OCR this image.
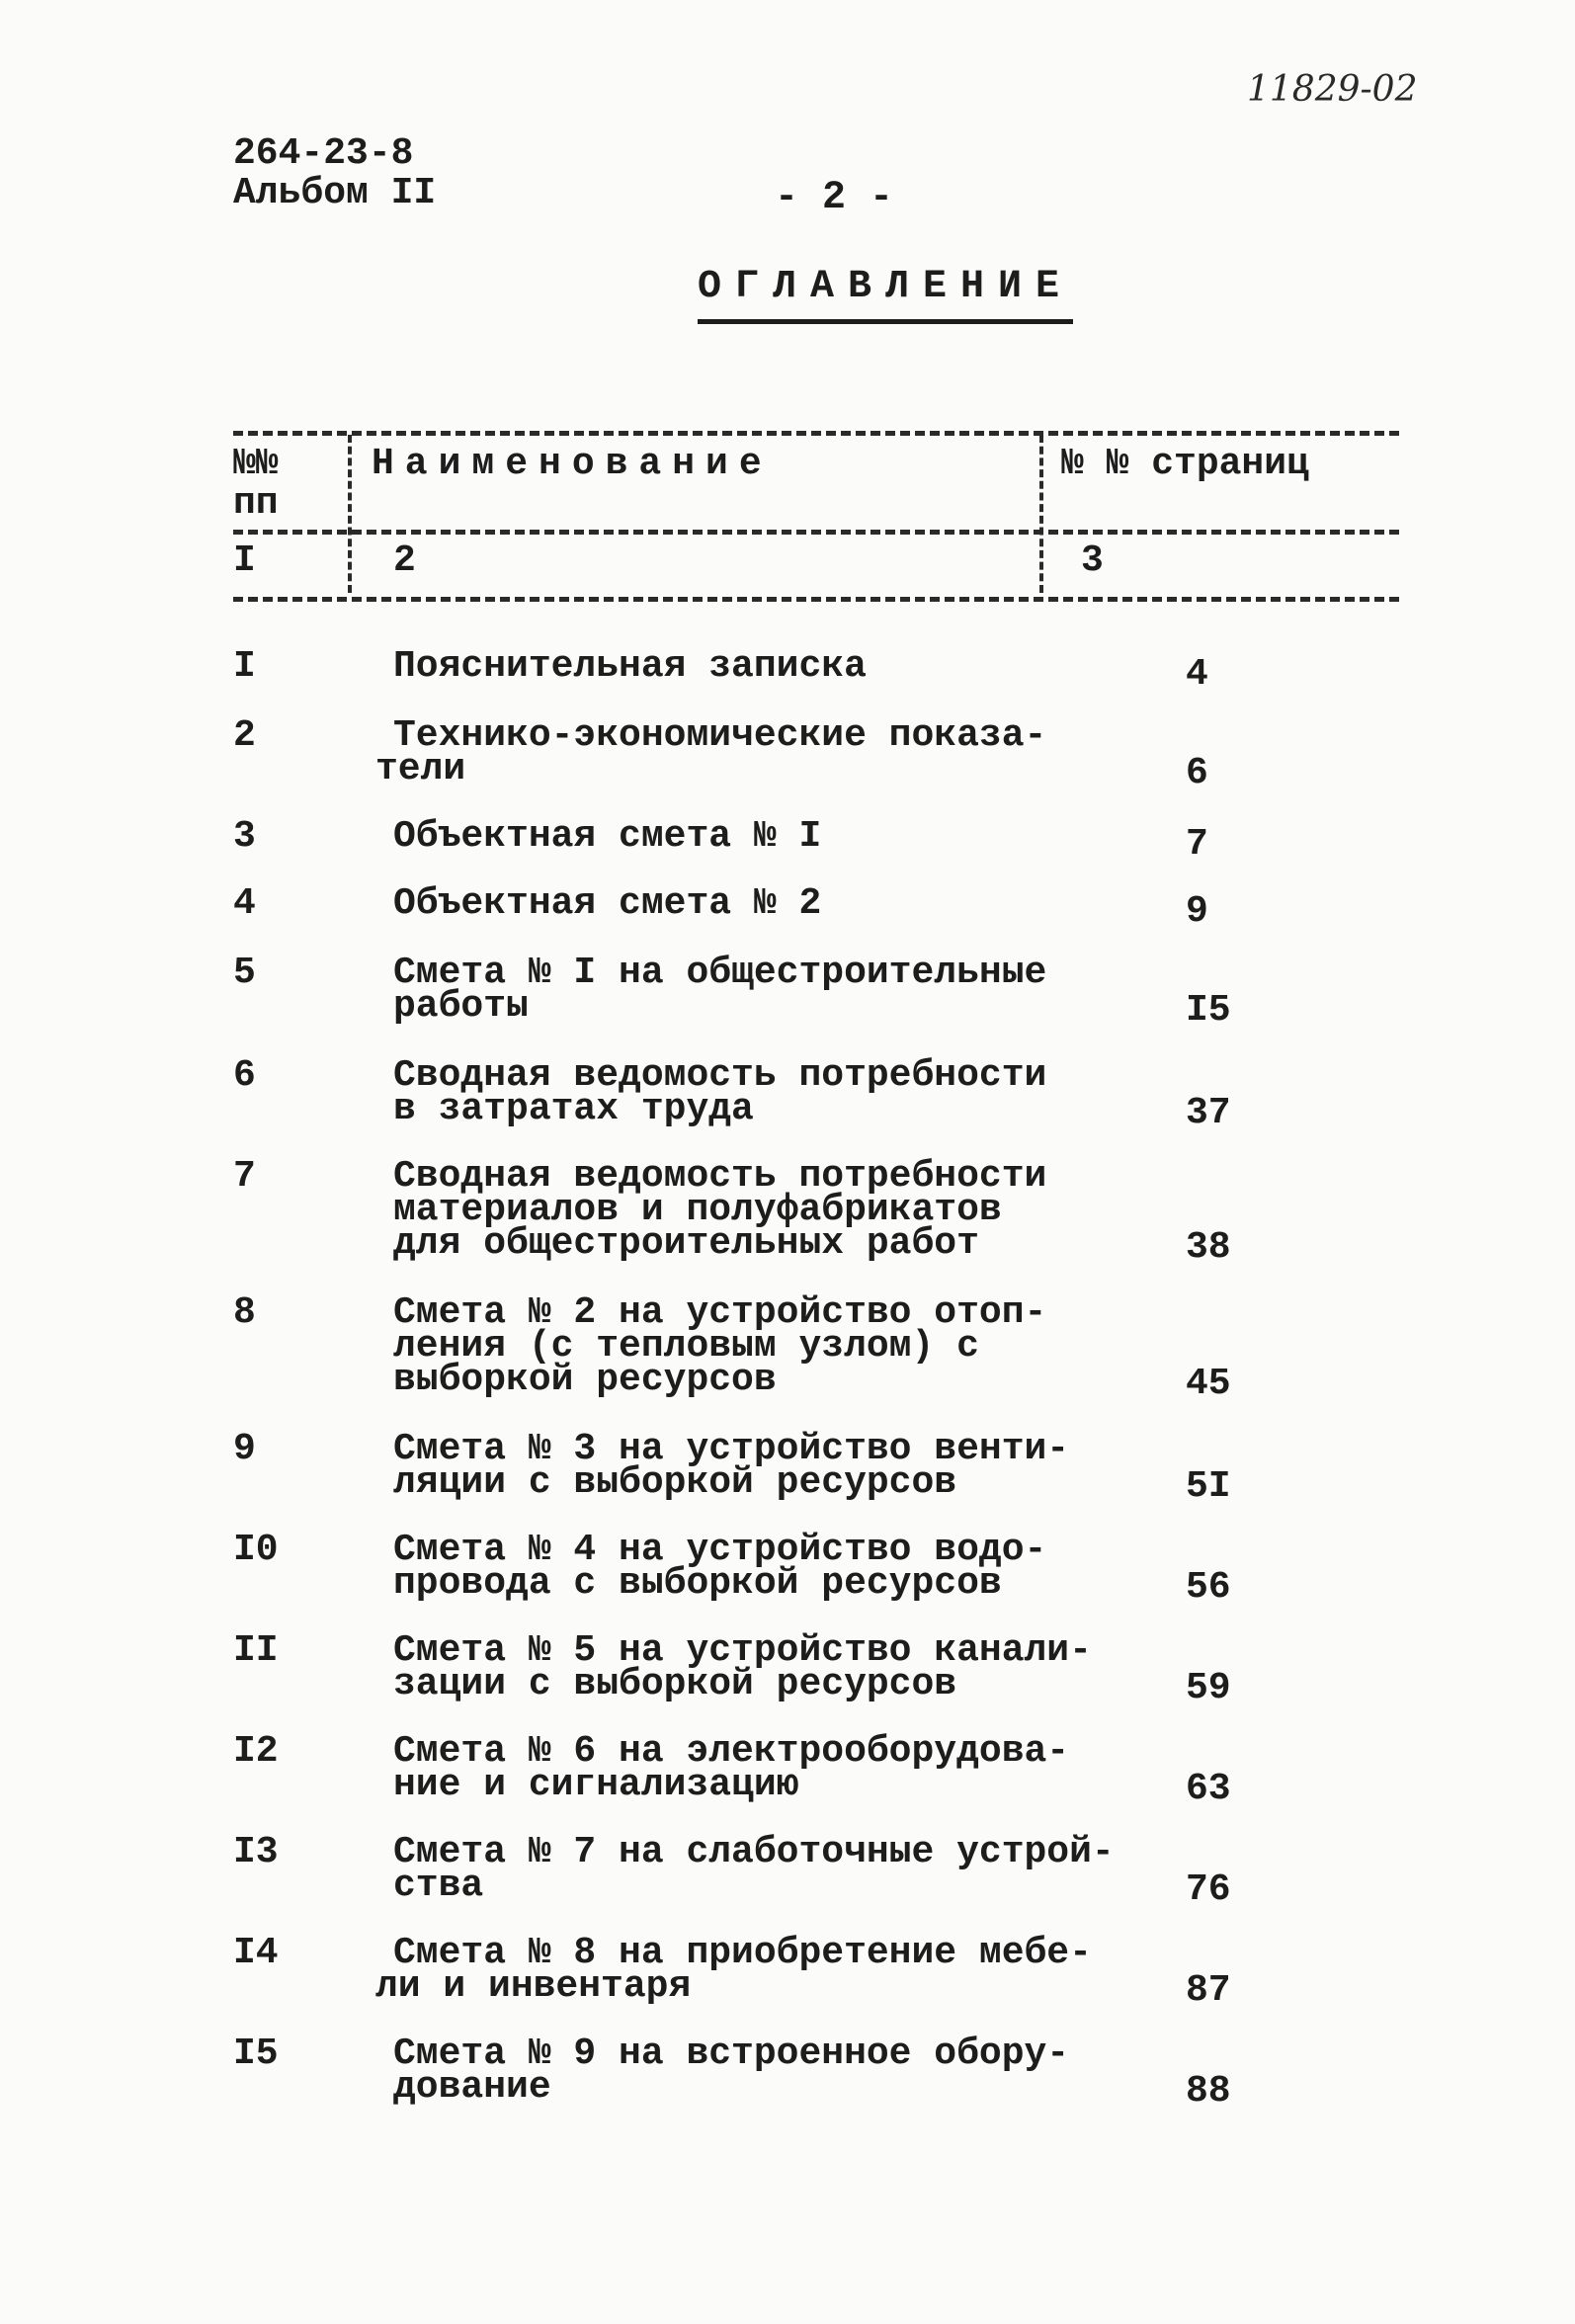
11829-02
264-23-8
Альбом II	- 2 -
ОГЛАВЛЕНИЕ
№№
пп
Наименование	№ № страниц
I	2	3
I	Пояснительная записка	4
2	Технико-экономические показа-
тели	6
3	Объектная смета № I	7
4	Объектная смета № 2	9
5	Смета № I на общестроительные
работы	I5
6	Сводная ведомость потребности
в затратах труда	37
7	Сводная ведомость потребности
материалов и полуфабрикатов
для общестроительных работ	38
8	Смета № 2 на устройство отоп-
ления (с тепловым узлом) с
выборкой ресурсов	45
9	Смета № 3 на устройство венти-
ляции с выборкой ресурсов	5I
I0	Смета № 4 на устройство водо-
провода с выборкой ресурсов	56
II	Смета № 5 на устройство канали-
зации с выборкой ресурсов	59
I2	Смета № 6 на электрооборудова-
ние и сигнализацию	63
I3	Смета № 7 на слаботочные устрой-
ства	76
I4	Смета № 8 на приобретение мебе-
ли и инвентаря	87
I5	Смета № 9 на встроенное обору-
дование	88
